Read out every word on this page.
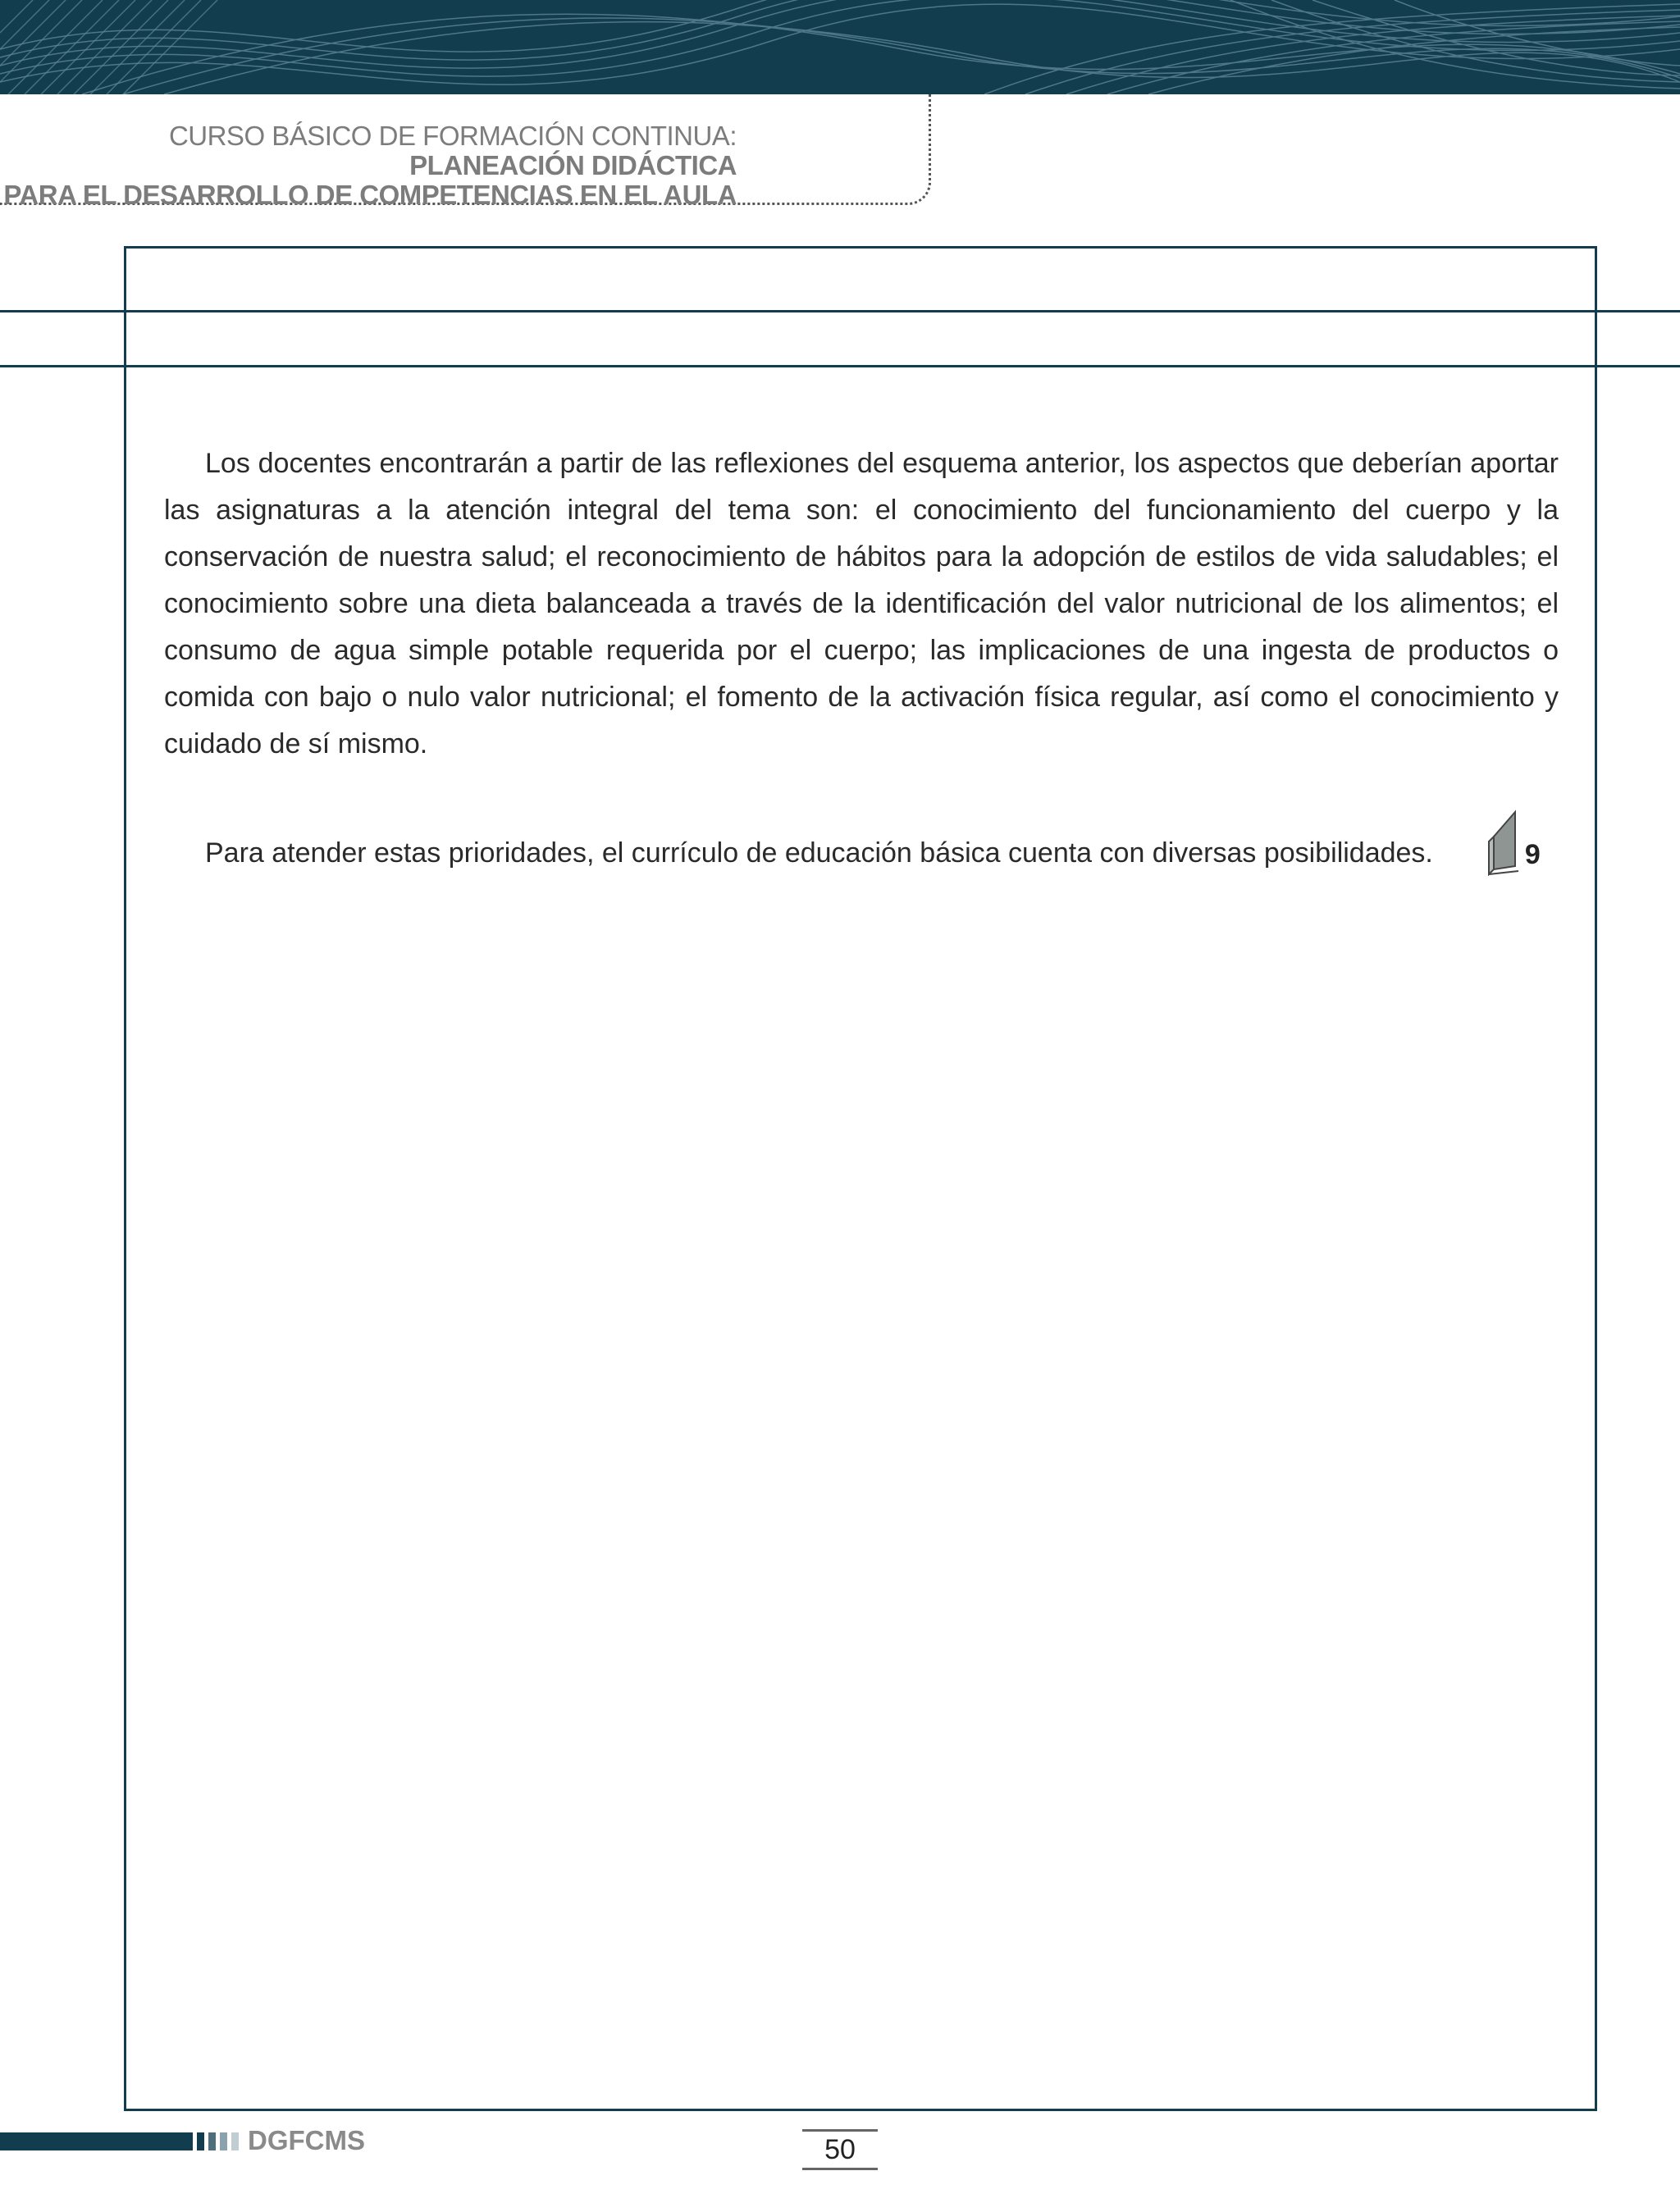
CURSO BÁSICO DE FORMACIÓN CONTINUA: PLANEACIÓN DIDÁCTICA
PARA EL DESARROLLO DE COMPETENCIAS EN EL AULA

Los docentes encontrarán a partir de las reflexiones del esquema anterior, los aspectos que deberían aportar las asignaturas a la atención integral del tema son: el conocimiento del funcionamiento del cuerpo y la conservación de nuestra salud; el reconocimiento de hábitos para la adopción de estilos de vida saludables; el conocimiento sobre una dieta balanceada a través de la identificación del valor nutricional de los alimentos; el consumo de agua simple potable requerida por el cuerpo; las implicaciones de una ingesta de productos o comida con bajo o nulo valor nutricional; el fomento de la activación física regular, así como el conocimiento y cuidado de sí mismo.

Para atender estas prioridades, el currículo de educación básica cuenta con diversas posibilidades.	9

DGFCMS	50
